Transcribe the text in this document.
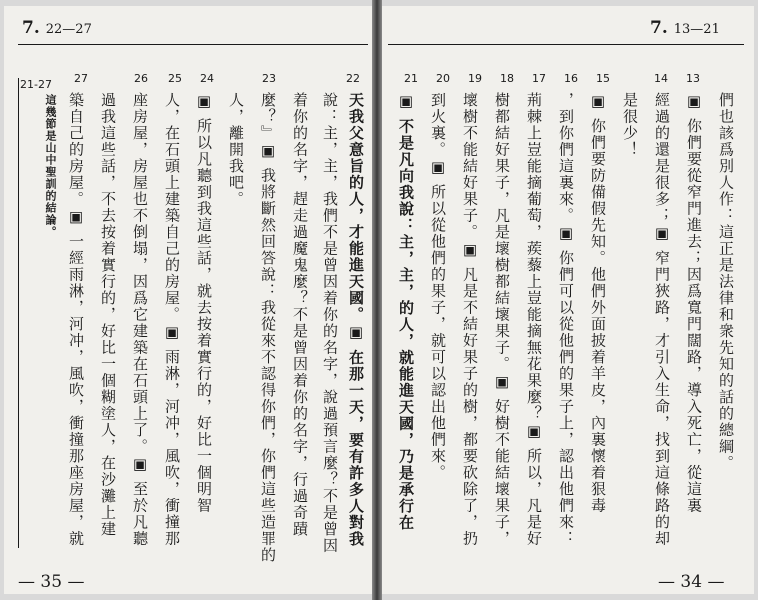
7. 22—27
21-27
這幾節是山中聖訓的結論。
27
築自己的房屋。▣ 一經雨淋，河冲，風吹，衝撞那座房屋，就
26
過我這些話，不去按着實行的，好比一個糊塗人，在沙灘上建 座房屋，房屋也不倒塌，因爲它建築在石頭上了。▣ 至於凡聽
25
人，在石頭上建築自己的房屋。▣ 雨淋，河冲，風吹，衝撞那
24
▣ 所以凡聽到我這些話，就去按着實行的，好比一個明智 人，離開我吧。
23
麼？』▣ 我將斷然回答說：我從來不認得你們，你們這些造罪的 着你的名字，趕走過魔鬼麼？不是曾因着你的名字，行過奇蹟
22
說：主，主，我們不是曾因着你的名字，說過預言麼？不是曾因 天我父意旨的人，才能進天國。▣ 在那一天，要有許多人對我
— 35 —
7. 13—21
21
▣ 不是凡向我說：主，主，的人，就能進天國，乃是承行在
20
到火裏。▣ 所以從他們的果子，就可以認出他們來。
19
壞樹不能結好果子。▣ 凡是不結好果子的樹，都要砍除了，扔
18
樹都結好果子，凡是壞樹都結壞果子。▣ 好樹不能結壞果子，
17
荊棘上豈能摘葡萄，蒺藜上豈能摘無花果麼？▣ 所以，凡是好
16
，到你們這裏來。▣ 你們可以從他們的果子上，認出他們來：
15
▣ 你們要防備假先知。他們外面披着羊皮，內裏懷着狠毒 是很少！
14
經過的還是很多；▣ 窄門狹路，才引入生命，找到這條路的却
13
▣ 你們要從窄門進去；因爲寬門闊路，導入死亡，從這裏 們也該爲別人作：這正是法律和衆先知的話的總綱。
— 34 —
